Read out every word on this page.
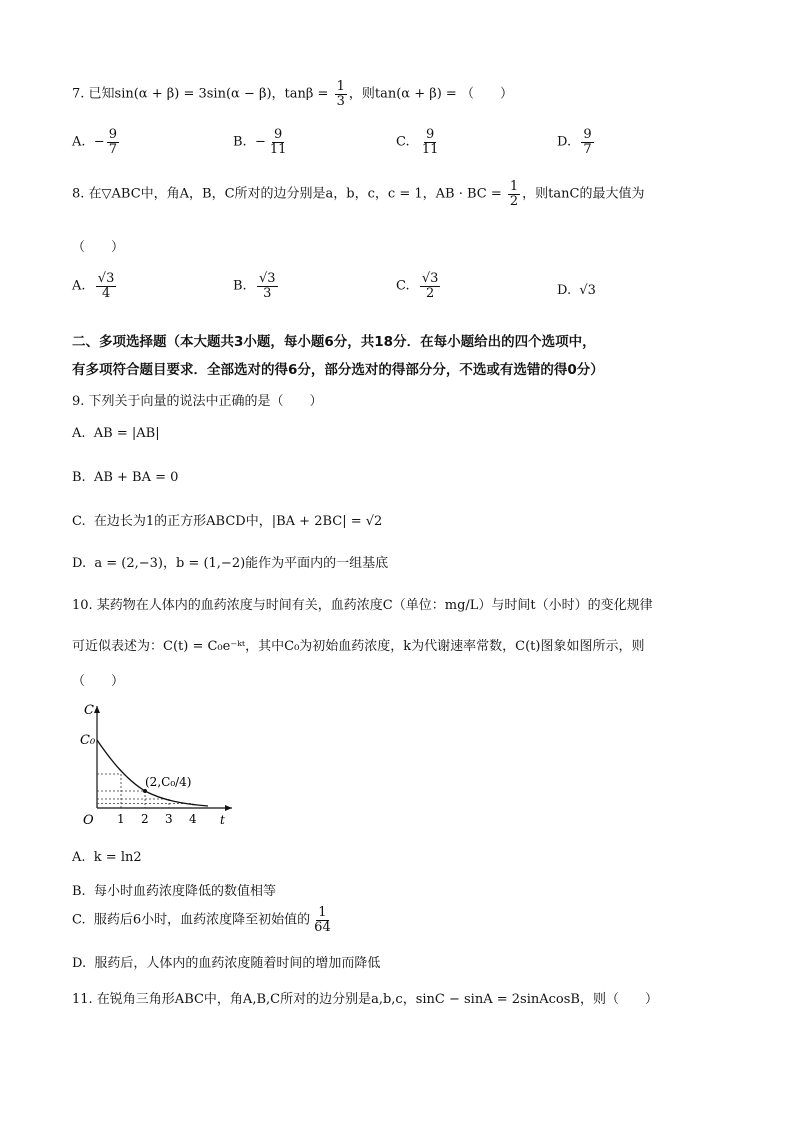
7. 已知sin(α + β) = 3sin(α − β)，$\tan\beta = \frac{1}{3}$ ，则tan(α + β) = （　　）
A. − $\frac{9}{7}$	B. − $\frac{9}{11}$	C. $\frac{9}{11}$	D. $\frac{9}{7}$
8. 在▽ABC中，角A，B，C所对的边分别是a，b，c，c = 1，AB · BC = $\frac{1}{2}$ ，则tanC的最大值为
（　　）
A. $\frac{√3}{4}$	B. $\frac{√3}{3}$	C. $\frac{√3}{2}$	D. √3
二、多项选择题（本大题共3小题，每小题6分，共18分．在每小题给出的四个选项中，
有多项符合题目要求．全部选对的得6分，部分选对的得部分分，不选或有选错的得0分）
9. 下列关于向量的说法中正确的是（　　）
A. AB = |AB|
B. AB + BA = 0
C. 在边长为1的正方形ABCD中，|BA + 2BC| = √2
D. a = (2,−3)，b = (1,−2)能作为平面内的一组基底
10. 某药物在人体内的血药浓度与时间有关，血药浓度C（单位：mg/L）与时间t（小时）的变化规律
可近似表述为：C(t) = C₀e⁻ᵏᵗ，其中C₀为初始血药浓度，k为代谢速率常数，C(t)图象如图所示，则
（　　）
C
t
O
C₀
(2,C₀/4)
1 2 3 4
A. k = ln2
B. 每小时血药浓度降低的数值相等
C. 服药后6小时，血药浓度降至初始值的 $\frac{1}{64}$
D. 服药后，人体内的血药浓度随着时间的增加而降低
11. 在锐角三角形ABC中，角A,B,C所对的边分别是a,b,c，sinC − sinA = 2sinAcosB，则（　　）
